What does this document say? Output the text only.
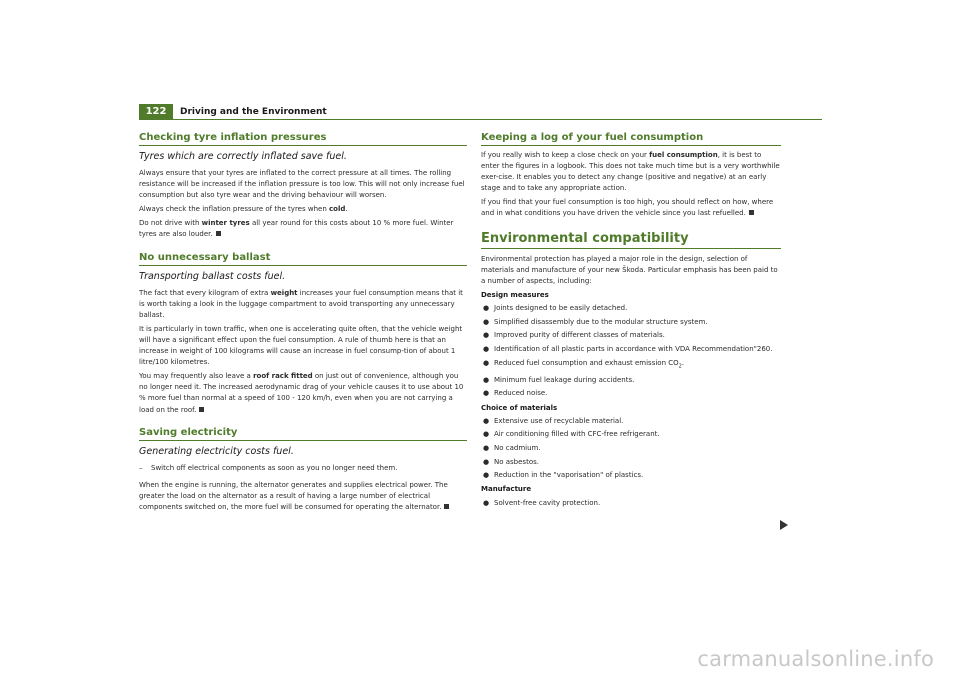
122	Driving and the Environment
Checking tyre inflation pressures
Tyres which are correctly inflated save fuel.

Always ensure that your tyres are inflated to the correct pressure at all times. The rolling resistance will be increased if the inflation pressure is too low. This will not only increase fuel consumption but also tyre wear and the driving behaviour will worsen.

Always check the inflation pressure of the tyres when cold.

Do not drive with winter tyres all year round for this costs about 10 % more fuel. Winter tyres are also louder.

No unnecessary ballast
Transporting ballast costs fuel.

The fact that every kilogram of extra weight increases your fuel consumption means that it is worth taking a look in the luggage compartment to avoid transporting any unnecessary ballast.

It is particularly in town traffic, when one is accelerating quite often, that the vehicle weight will have a significant effect upon the fuel consumption. A rule of thumb here is that an increase in weight of 100 kilograms will cause an increase in fuel consump-tion of about 1 litre/100 kilometres.

You may frequently also leave a roof rack fitted on just out of convenience, although you no longer need it. The increased aerodynamic drag of your vehicle causes it to use about 10 % more fuel than normal at a speed of 100 - 120 km/h, even when you are not carrying a load on the roof.

Saving electricity
Generating electricity costs fuel.
– Switch off electrical components as soon as you no longer need them.

When the engine is running, the alternator generates and supplies electrical power. The greater the load on the alternator as a result of having a large number of electrical components switched on, the more fuel will be consumed for operating the alternator.

Keeping a log of your fuel consumption

If you really wish to keep a close check on your fuel consumption, it is best to enter the figures in a logbook. This does not take much time but is a very worthwhile exer-cise. It enables you to detect any change (positive and negative) at an early stage and to take any appropriate action.

If you find that your fuel consumption is too high, you should reflect on how, where and in what conditions you have driven the vehicle since you last refuelled.

Environmental compatibility

Environmental protection has played a major role in the design, selection of materials and manufacture of your new Škoda. Particular emphasis has been paid to a number of aspects, including:

Design measures
● Joints designed to be easily detached.
● Simplified disassembly due to the modular structure system.
● Improved purity of different classes of materials.
● Identification of all plastic parts in accordance with VDA Recommendation"260.
● Reduced fuel consumption and exhaust emission $CO_2$.
● Minimum fuel leakage during accidents.
● Reduced noise.
Choice of materials
● Extensive use of recyclable material.
● Air conditioning filled with CFC-free refrigerant.
● No cadmium.
● No asbestos.
● Reduction in the "vaporisation" of plastics.
Manufacture
● Solvent-free cavity protection.
carmanualsonline.info
